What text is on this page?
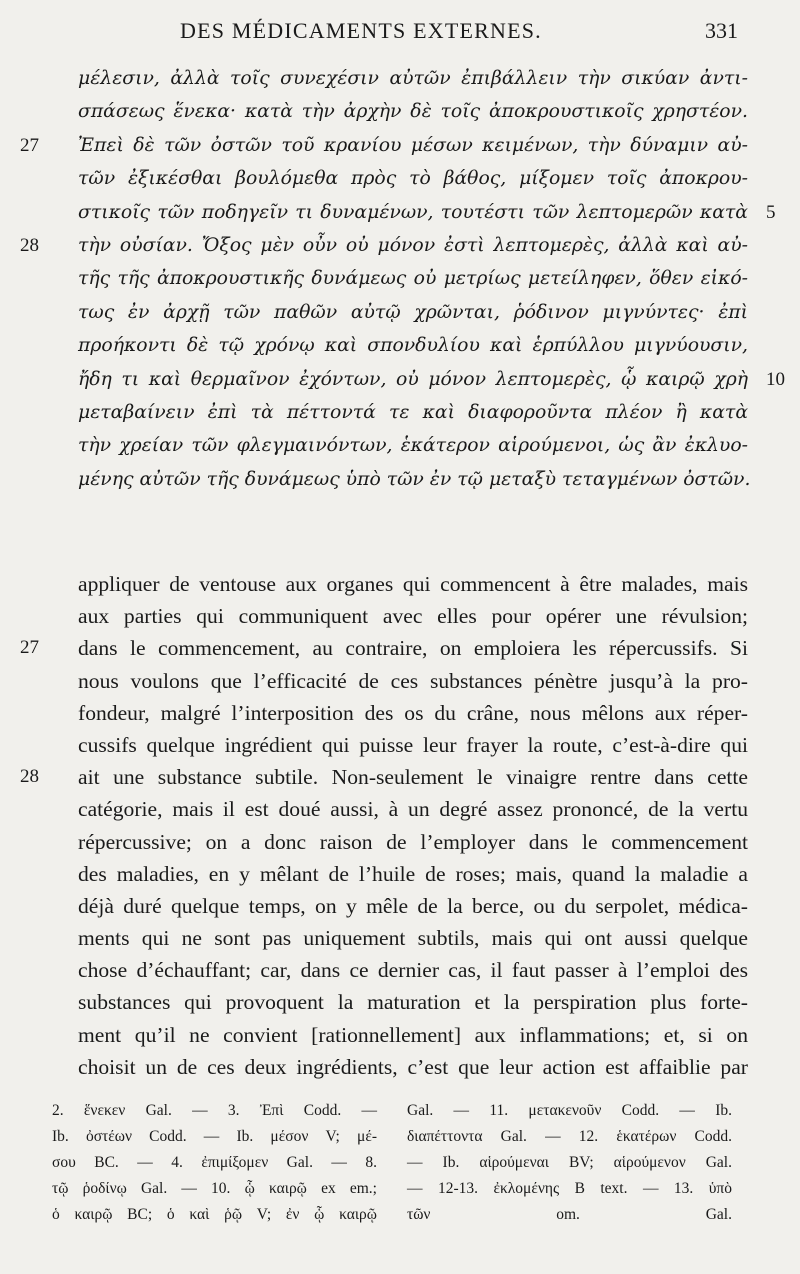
DES MÉDICAMENTS EXTERNES.	331
μέλεσιν, ἀλλὰ τοῖς συνεχέσιν αὐτῶν ἐπιβάλλειν τὴν σικύαν ἀντι-
σπάσεως ἕνεκα· κατὰ τὴν ἀρχὴν δὲ τοῖς ἀποκρουστικοῖς χρηστέον.
Ἐπεὶ δὲ τῶν ὀστῶν τοῦ κρανίου μέσων κειμένων, τὴν δύναμιν αὐ-
27
τῶν ἐξικέσθαι βουλόμεθα πρὸς τὸ βάθος, μίξομεν τοῖς ἀποκρου-
στικοῖς τῶν ποδηγεῖν τι δυναμένων, τουτέστι τῶν λεπτομερῶν κατὰ 5
τὴν οὐσίαν. Ὄξος μὲν οὖν οὐ μόνον ἐστὶ λεπτομερὲς, ἀλλὰ καὶ αὐ-
28
τῆς τῆς ἀποκρουστικῆς δυνάμεως οὐ μετρίως μετείληφεν, ὅθεν εἰκό-
τως ἐν ἀρχῇ τῶν παθῶν αὐτῷ χρῶνται, ῥόδινον μιγνύντες· ἐπὶ
προήκοντι δὲ τῷ χρόνῳ καὶ σπονδυλίου καὶ ἑρπύλλου μιγνύουσιν,
ἤδη τι καὶ θερμαῖνον ἐχόντων, οὐ μόνον λεπτομερὲς, ᾧ καιρῷ χρὴ 10
μεταβαίνειν ἐπὶ τὰ πέττοντά τε καὶ διαφοροῦντα πλέον ἢ κατὰ
τὴν χρείαν τῶν φλεγμαινόντων, ἑκάτερον αἱρούμενοι, ὡς ἂν ἐκλυο-
μένης αὐτῶν τῆς δυνάμεως ὑπὸ τῶν ἐν τῷ μεταξὺ τεταγμένων ὀστῶν.
appliquer de ventouse aux organes qui commencent à être malades, mais
aux parties qui communiquent avec elles pour opérer une révulsion;
dans le commencement, au contraire, on emploiera les répercussifs. Si
27
nous voulons que l’efficacité de ces substances pénètre jusqu’à la pro-
fondeur, malgré l’interposition des os du crâne, nous mêlons aux réper-
cussifs quelque ingrédient qui puisse leur frayer la route, c’est-à-dire qui
ait une substance subtile. Non-seulement le vinaigre rentre dans cette
28
catégorie, mais il est doué aussi, à un degré assez prononcé, de la vertu
répercussive; on a donc raison de l’employer dans le commencement
des maladies, en y mêlant de l’huile de roses; mais, quand la maladie a
déjà duré quelque temps, on y mêle de la berce, ou du serpolet, médica-
ments qui ne sont pas uniquement subtils, mais qui ont aussi quelque
chose d’échauffant; car, dans ce dernier cas, il faut passer à l’emploi des
substances qui provoquent la maturation et la perspiration plus forte-
ment qu’il ne convient [rationnellement] aux inflammations; et, si on
choisit un de ces deux ingrédients, c’est que leur action est affaiblie par
2. ἕνεκεν Gal. — 3. Ἐπὶ Codd. —
Ib. ὀστέων Codd. — Ib. μέσον V; μέ-
σου BC. — 4. ἐπιμίξομεν Gal. — 8.
τῷ ῥοδίνῳ Gal. — 10. ᾧ καιρῷ ex em.;
ὁ καιρῷ BC; ὁ καὶ ῥῷ V; ἐν ᾧ καιρῷ
Gal. — 11. μετακενοῦν Codd. — Ib.
διαπέττοντα Gal. — 12. ἑκατέρων Codd.
— Ib. αἱρούμεναι BV; αἱρούμενον Gal.
— 12-13. ἐκλομένης B text. — 13. ὑπὸ
τῶν om. Gal.
